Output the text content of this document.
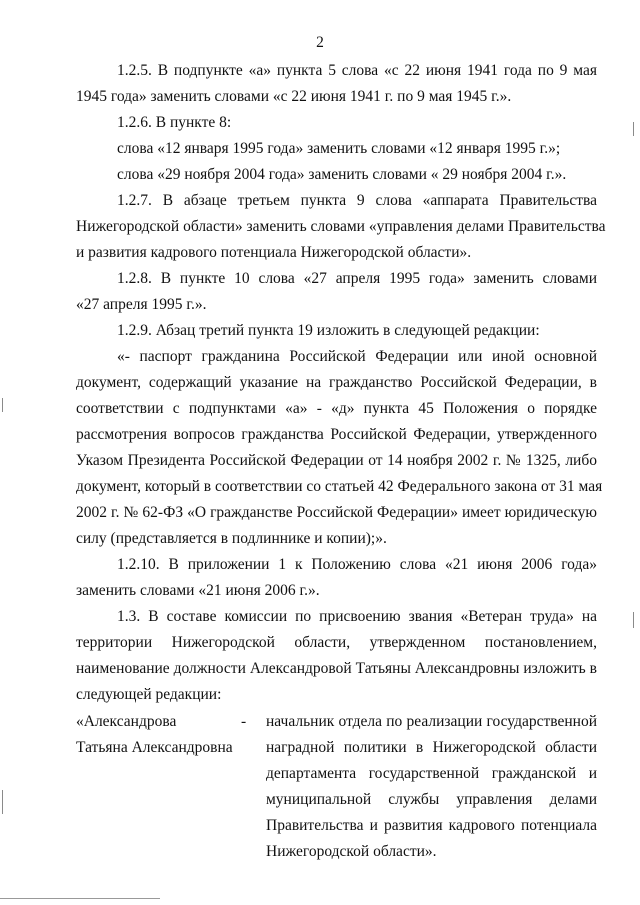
2
1.2.5. В подпункте «а» пункта 5 слова «с 22 июня 1941 года по 9 мая
1945 года» заменить словами «с 22 июня 1941 г. по 9 мая 1945 г.».
1.2.6. В пункте 8:
слова «12 января 1995 года» заменить словами «12 января 1995 г.»;
слова «29 ноября 2004 года» заменить словами « 29 ноября 2004 г.».
1.2.7. В абзаце третьем пункта 9 слова «аппарата Правительства
Нижегородской области» заменить словами «управления делами Правительства
и развития кадрового потенциала Нижегородской области».
1.2.8. В пункте 10 слова «27 апреля 1995 года» заменить словами
«27 апреля 1995 г.».
1.2.9. Абзац третий пункта 19 изложить в следующей редакции:
«- паспорт гражданина Российской Федерации или иной основной
документ, содержащий указание на гражданство Российской Федерации, в
соответствии с подпунктами «а» - «д» пункта 45 Положения о порядке
рассмотрения вопросов гражданства Российской Федерации, утвержденного
Указом Президента Российской Федерации от 14 ноября 2002 г. № 1325, либо
документ, который в соответствии со статьей 42 Федерального закона от 31 мая
2002 г. № 62-ФЗ «О гражданстве Российской Федерации» имеет юридическую
силу (представляется в подлиннике и копии);».
1.2.10. В приложении 1 к Положению слова «21 июня 2006 года»
заменить словами «21 июня 2006 г.».
1.3. В составе комиссии по присвоению звания «Ветеран труда» на
территории Нижегородской области, утвержденном постановлением,
наименование должности Александровой Татьяны Александровны изложить в
следующей редакции:
«Александрова
Татьяна Александровна
- начальник отдела по реализации государственной
наградной политики в Нижегородской области
департамента государственной гражданской и
муниципальной службы управления делами
Правительства и развития кадрового потенциала
Нижегородской области».
